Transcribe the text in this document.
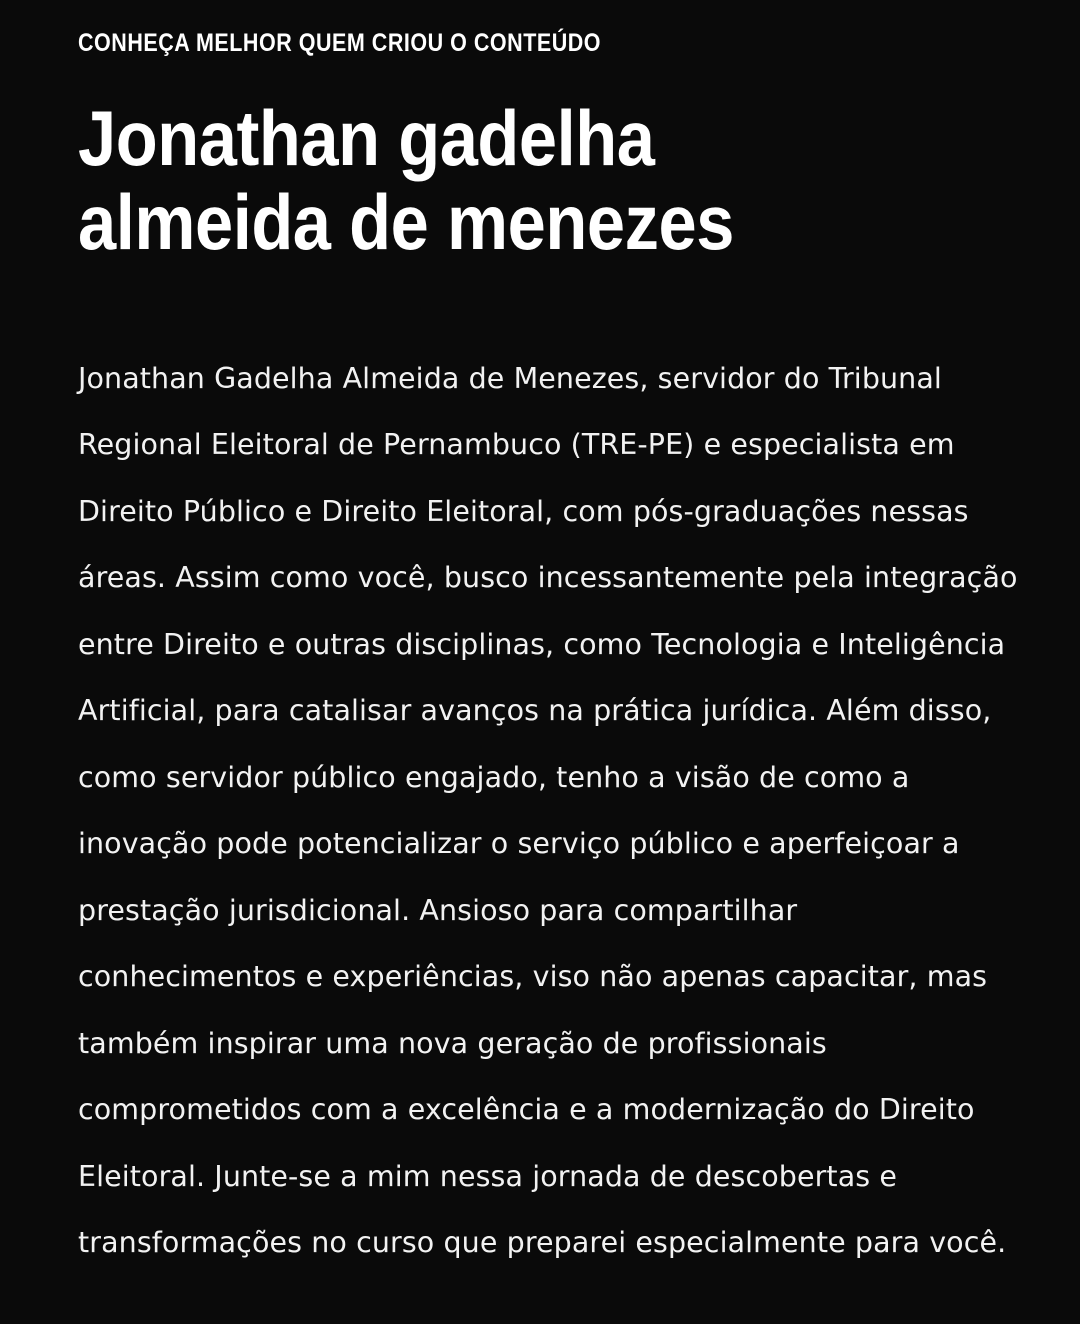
CONHEÇA MELHOR QUEM CRIOU O CONTEÚDO
Jonathan gadelha almeida de menezes

Jonathan Gadelha Almeida de Menezes, servidor do Tribunal Regional Eleitoral de Pernambuco (TRE-PE) e especialista em Direito Público e Direito Eleitoral, com pós-graduações nessas áreas. Assim como você, busco incessantemente pela integração entre Direito e outras disciplinas, como Tecnologia e Inteligência Artificial, para catalisar avanços na prática jurídica. Além disso, como servidor público engajado, tenho a visão de como a inovação pode potencializar o serviço público e aperfeiçoar a prestação jurisdicional. Ansioso para compartilhar conhecimentos e experiências, viso não apenas capacitar, mas também inspirar uma nova geração de profissionais comprometidos com a excelência e a modernização do Direito Eleitoral. Junte-se a mim nessa jornada de descobertas e transformações no curso que preparei especialmente para você.
